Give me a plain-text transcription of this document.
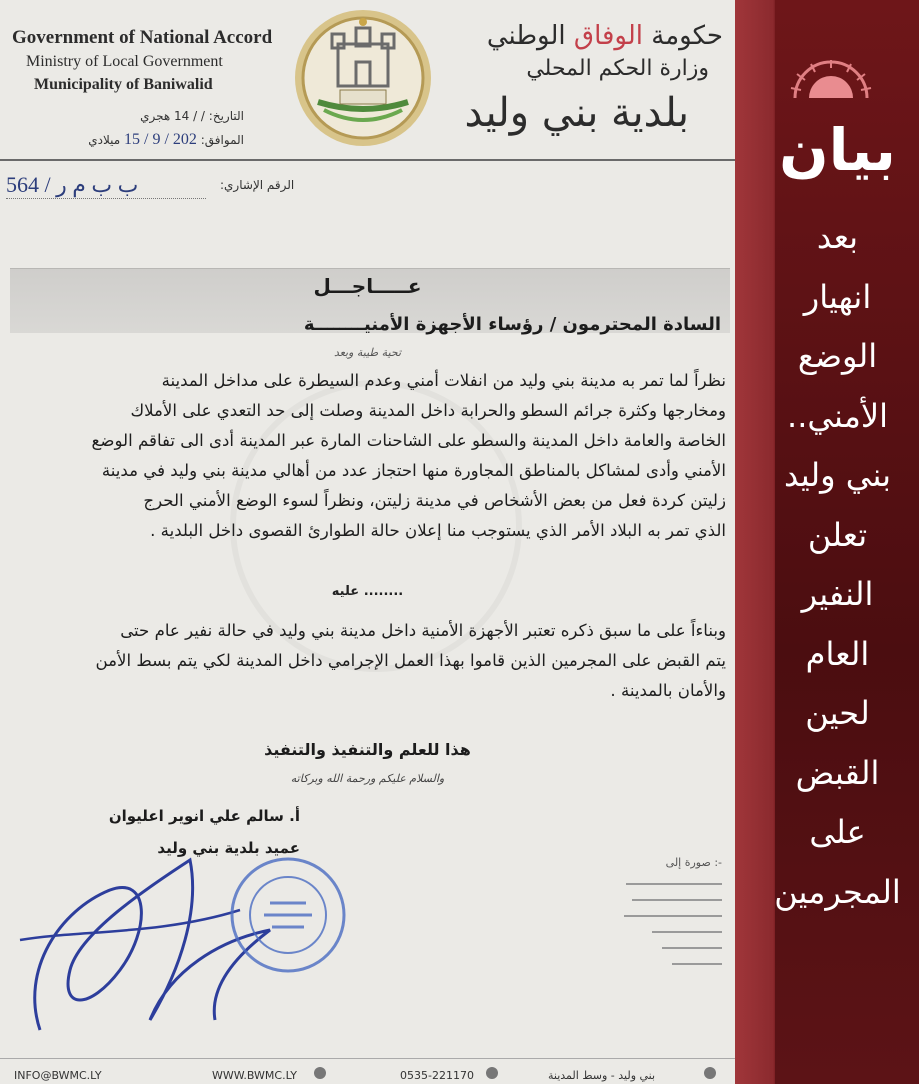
Government of National Accord
Ministry of Local Government
Municipality of Baniwalid
حكومة الوفاق الوطني
وزارة الحكم المحلي
بلدية بني وليد
التاريخ: / / 14 هجري
الموافق: 202 / 9 / 15 ميلادي
الرقم الإشاري:
ب ب م ر / 564
عـــــاجـــل
السادة المحترمون / رؤساء الأجهزة الأمنيــــــــة
تحية طيبة وبعد
نظراً لما تمر به مدينة بني وليد من انفلات أمني وعدم السيطرة على مداخل المدينة
ومخارجها وكثرة جرائم السطو والحرابة داخل المدينة وصلت إلى حد التعدي على الأملاك
الخاصة والعامة داخل المدينة والسطو على الشاحنات المارة عبر المدينة أدى الى تفاقم الوضع
الأمني وأدى لمشاكل بالمناطق المجاورة منها احتجاز عدد من أهالي مدينة بني وليد في مدينة
زليتن كردة فعل من بعض الأشخاص في مدينة زليتن، ونظراً لسوء الوضع الأمني الحرج
الذي تمر به البلاد الأمر الذي يستوجب منا إعلان حالة الطوارئ القصوى داخل البلدية .
عليه ........
وبناءاً على ما سبق ذكره تعتبر الأجهزة الأمنية داخل مدينة بني وليد في حالة نفير عام حتى
يتم القبض على المجرمين الذين قاموا بهذا العمل الإجرامي داخل المدينة لكي يتم بسط الأمن
والأمان بالمدينة .
هذا للعلم والتنفيذ والتنفيذ
والسلام عليكم ورحمة الله وبركاته
أ. سالم علي انوير اعليوان
عميد بلدية بني وليد
صورة إلى :-
INFO@BWMC.LY	WWW.BWMC.LY	0535-221170	بني وليد - وسط المدينة
بيان
بعد
انهيار
الوضع
الأمني..
بني وليد
تعلن
النفير
العام
لحين
القبض
على
المجرمين
